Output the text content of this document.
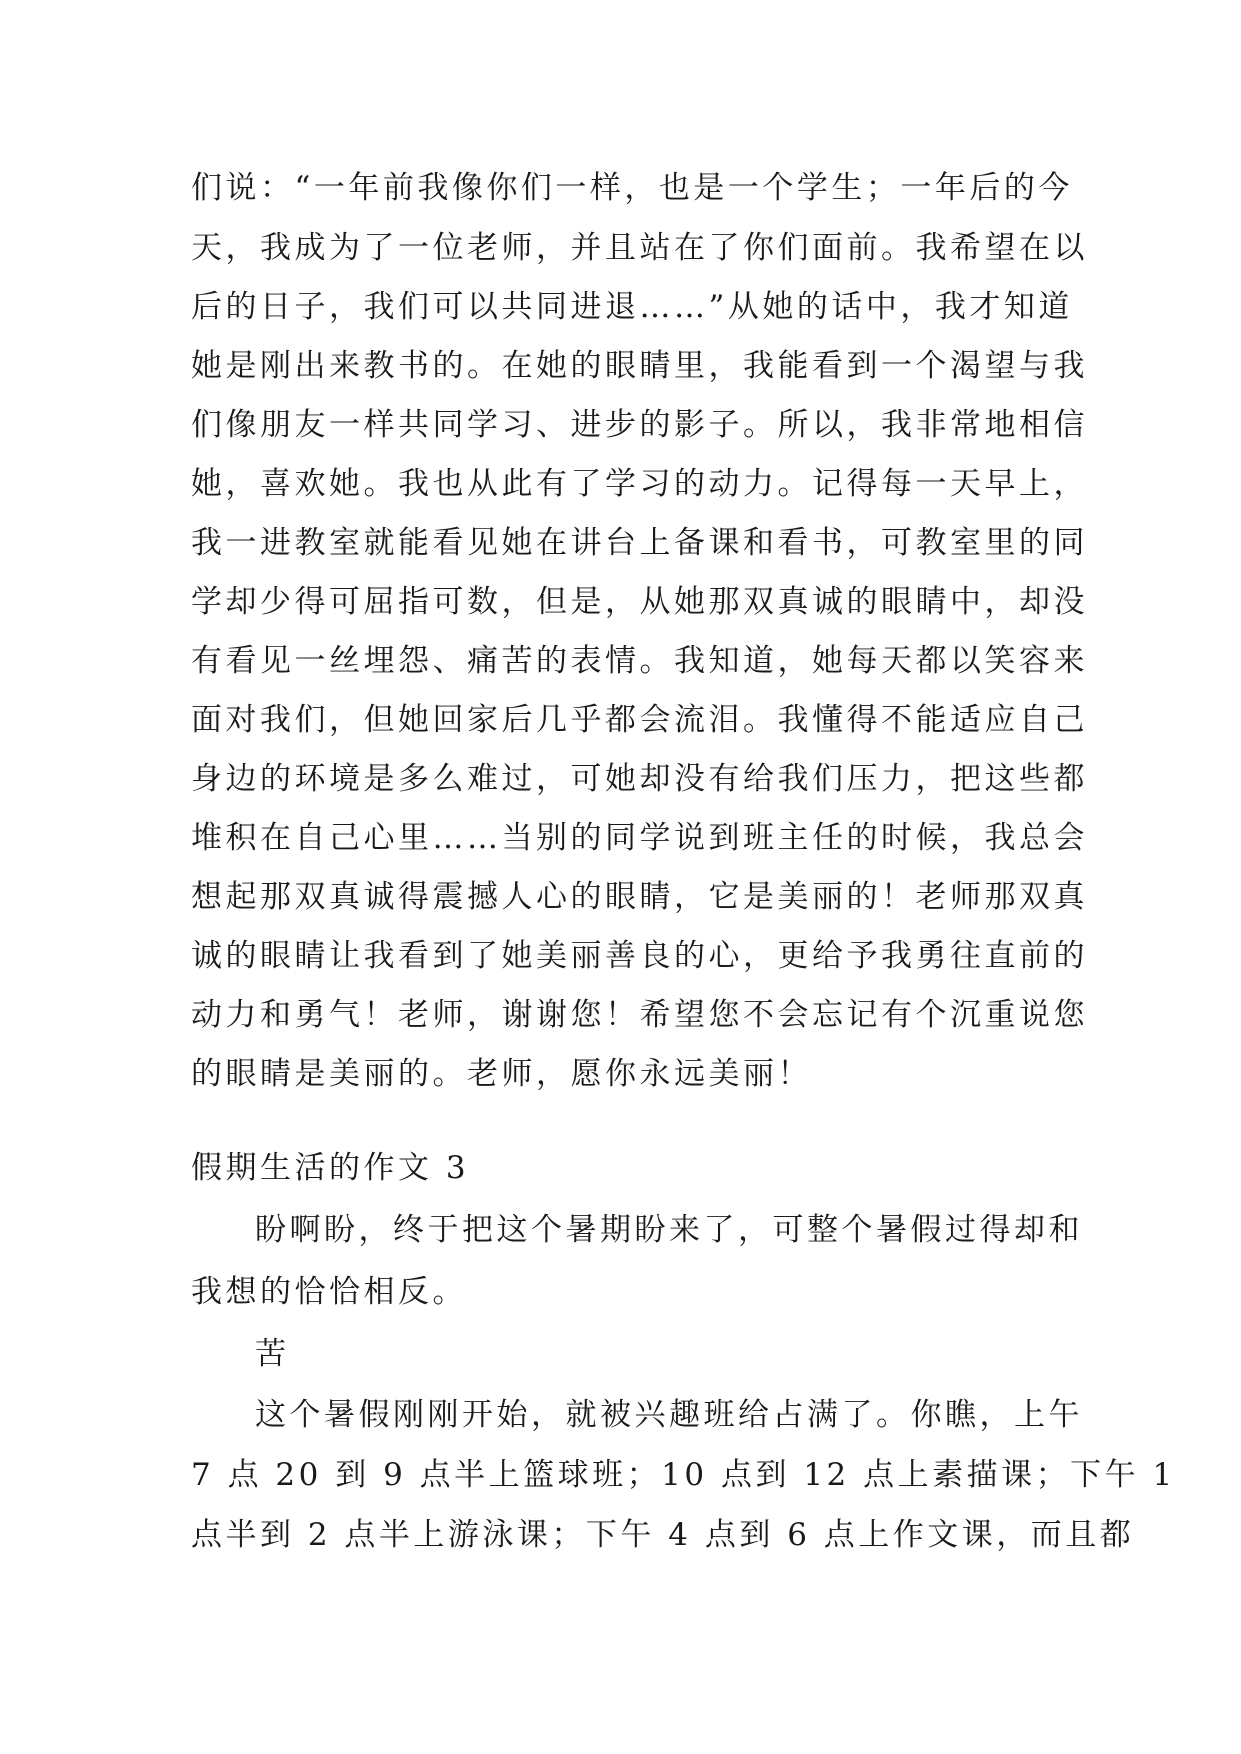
们说：“一年前我像你们一样，也是一个学生；一年后的今
天，我成为了一位老师，并且站在了你们面前。我希望在以
后的日子，我们可以共同进退……”从她的话中，我才知道
她是刚出来教书的。在她的眼睛里，我能看到一个渴望与我
们像朋友一样共同学习、进步的影子。所以，我非常地相信
她，喜欢她。我也从此有了学习的动力。记得每一天早上，
我一进教室就能看见她在讲台上备课和看书，可教室里的同
学却少得可屈指可数，但是，从她那双真诚的眼睛中，却没
有看见一丝埋怨、痛苦的表情。我知道，她每天都以笑容来
面对我们，但她回家后几乎都会流泪。我懂得不能适应自己
身边的环境是多么难过，可她却没有给我们压力，把这些都
堆积在自己心里……当别的同学说到班主任的时候，我总会
想起那双真诚得震撼人心的眼睛，它是美丽的！老师那双真
诚的眼睛让我看到了她美丽善良的心，更给予我勇往直前的
动力和勇气！老师，谢谢您！希望您不会忘记有个沉重说您
的眼睛是美丽的。老师，愿你永远美丽！
假期生活的作文 3
盼啊盼，终于把这个暑期盼来了，可整个暑假过得却和
我想的恰恰相反。
苦
这个暑假刚刚开始，就被兴趣班给占满了。你瞧，上午
7 点 20 到 9 点半上篮球班；10 点到 12 点上素描课；下午 1
点半到 2 点半上游泳课；下午 4 点到 6 点上作文课，而且都
